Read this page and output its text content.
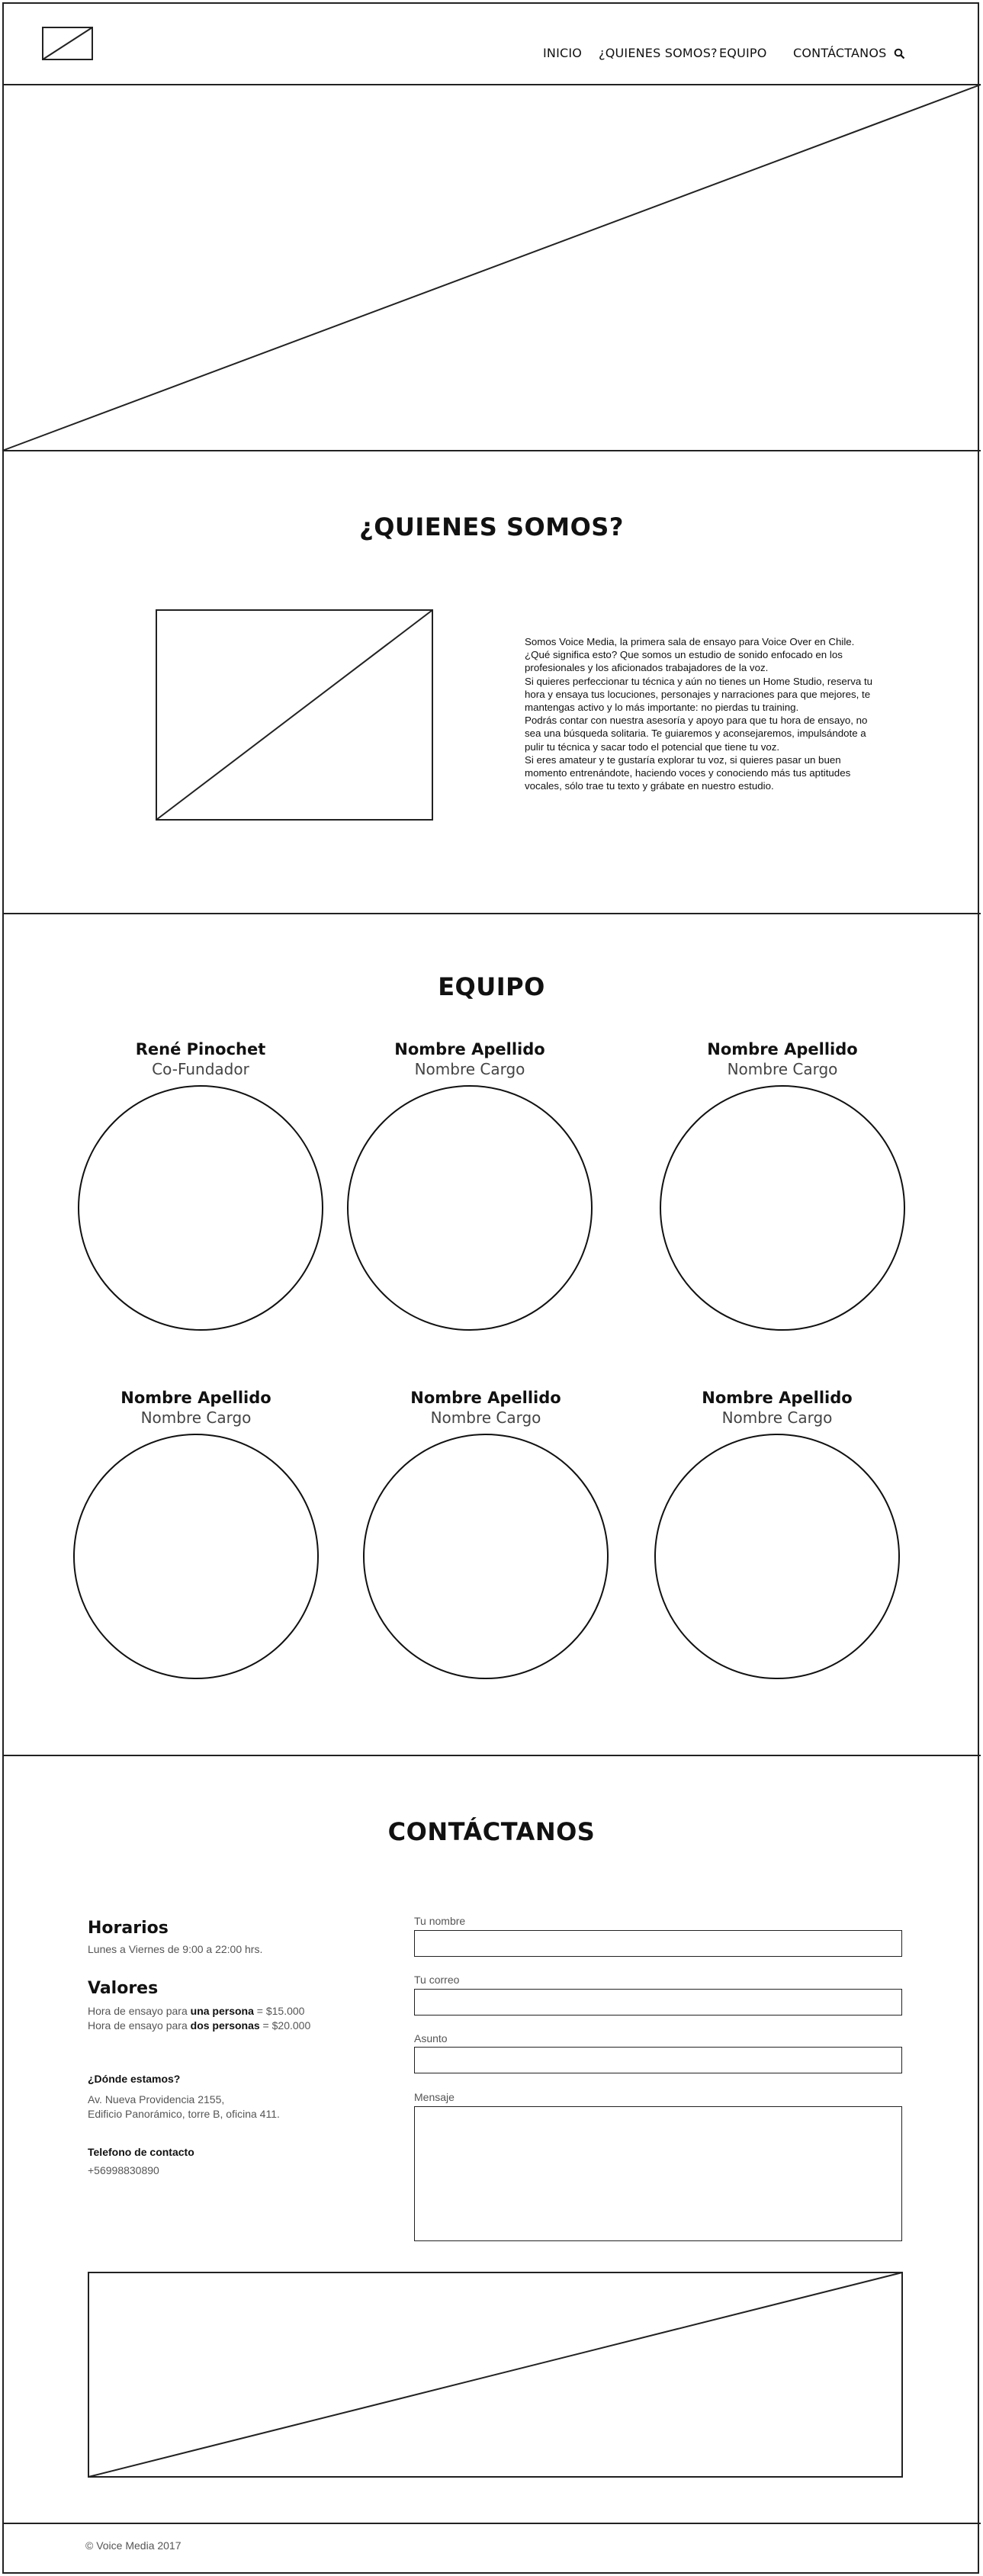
INICIO ¿QUIENES SOMOS? EQUIPO CONTÁCTANOS
¿QUIENES SOMOS?

Somos Voice Media, la primera sala de ensayo para Voice Over en Chile.

¿Qué significa esto? Que somos un estudio de sonido enfocado en los profesionales y los aficionados trabajadores de la voz.

Si quieres perfeccionar tu técnica y aún no tienes un Home Studio, reserva tu hora y ensaya tus locuciones, personajes y narraciones para que mejores, te mantengas activo y lo más importante: no pierdas tu training.

Podrás contar con nuestra asesoría y apoyo para que tu hora de ensayo, no sea una búsqueda solitaria. Te guiaremos y aconsejaremos, impulsándote a pulir tu técnica y sacar todo el potencial que tiene tu voz.

Si eres amateur y te gustaría explorar tu voz, si quieres pasar un buen momento entrenándote, haciendo voces y conociendo más tus aptitudes vocales, sólo trae tu texto y grábate en nuestro estudio.

EQUIPO
René Pinochet
Co-Fundador
Nombre Apellido
Nombre Cargo
Nombre Apellido
Nombre Cargo
Nombre Apellido
Nombre Cargo
Nombre Apellido
Nombre Cargo
Nombre Apellido
Nombre Cargo
CONTÁCTANOS
Horarios

Lunes a Viernes de 9:00 a 22:00 hrs.

Valores

Hora de ensayo para una persona = $15.000

Hora de ensayo para dos personas = $20.000

¿Dónde estamos?

Av. Nueva Providencia 2155,

Edificio Panorámico, torre B, oficina 411.

Telefono de contacto

+56998830890

Tu nombre
Tu correo
Asunto
Mensaje
© Voice Media 2017
